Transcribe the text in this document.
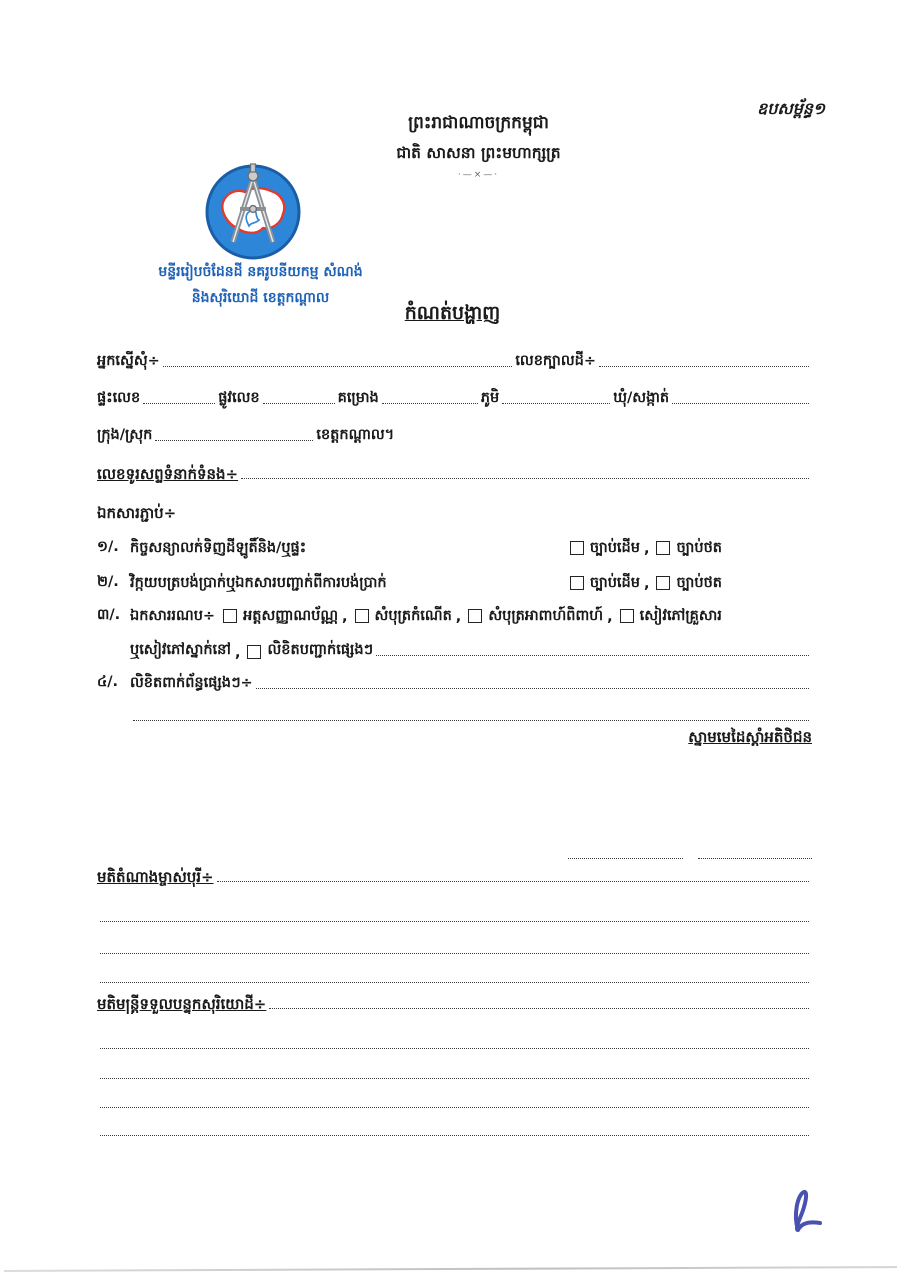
ឧបសម្ព័ន្ធ១
ព្រះរាជាណាចក្រកម្ពុជា
ជាតិ សាសនា ព្រះមហាក្សត្រ
·—×—·
មន្ទីររៀបចំដែនដី នគរូបនីយកម្ម សំណង់
និងសុរិយោដី ខេត្តកណ្តាល
កំណត់បង្ហាញ
អ្នកស្នើសុំ÷	លេខក្បាលដី÷
ផ្ទះលេខ	ផ្លូវលេខ	គម្រោង	ភូមិ	ឃុំ/សង្កាត់
ក្រុង/ស្រុក	ខេត្តកណ្តាល។
លេខទូរសព្ទទំនាក់ទំនង÷
ឯកសារភ្ជាប់÷
១/. កិច្ចសន្យាលក់ទិញដីឡូតិ៍និង/ឬផ្ទះ	ច្បាប់ដើម , ច្បាប់ថត
២/. វិក្កយបត្របង់ប្រាក់ឬឯកសារបញ្ជាក់ពីការបង់ប្រាក់	ច្បាប់ដើម , ច្បាប់ថត
៣/. ឯកសាររណប÷ អត្តសញ្ញាណប័ណ្ណ , សំបុត្រកំណើត , សំបុត្រអាពាហ៍ពិពាហ៍ , សៀវភៅគ្រួសារ
ឬសៀវភៅស្នាក់នៅ , លិខិតបញ្ជាក់ផ្សេងៗ
៤/. លិខិតពាក់ព័ន្ធផ្សេងៗ÷
ស្នាមមេដៃស្តាំអតិថិជន
មតិតំណាងម្ចាស់បុរី÷
មតិមន្ត្រីទទួលបន្ទុកសុរិយោដី÷
